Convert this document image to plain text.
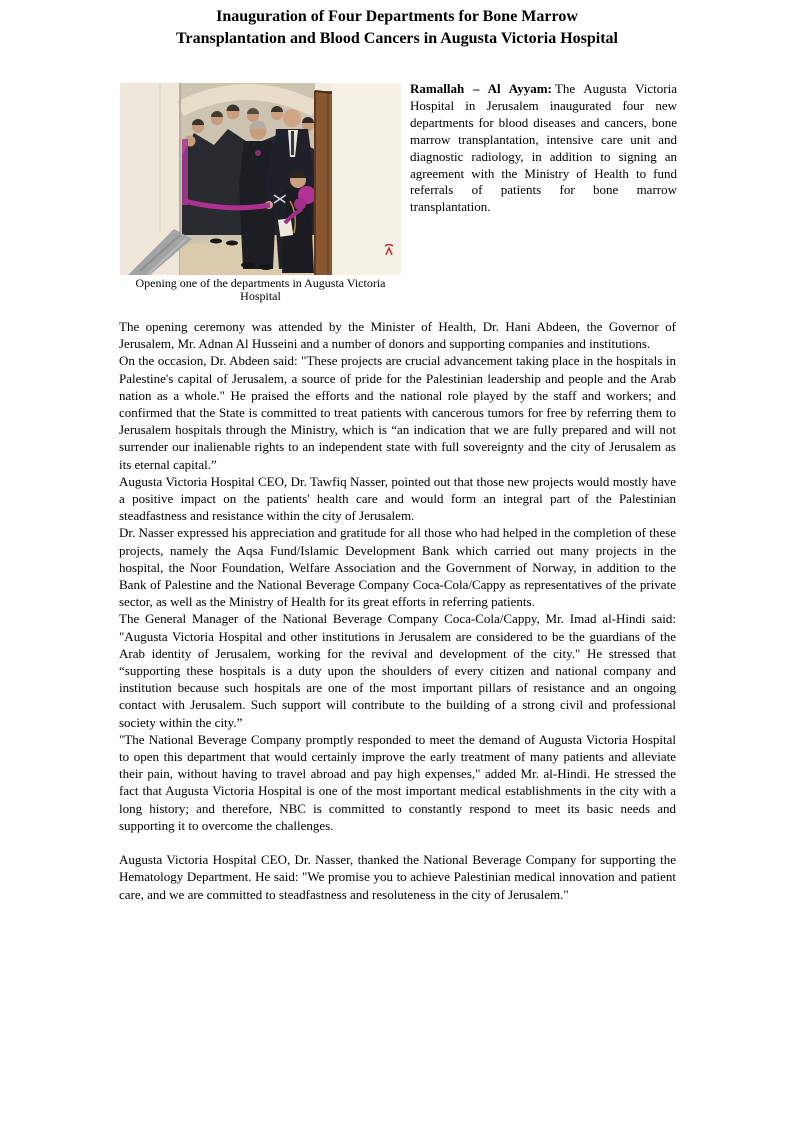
Inauguration of Four Departments for Bone Marrow
Transplantation and Blood Cancers in Augusta Victoria Hospital
Opening one of the departments in Augusta Victoria Hospital

Ramallah – Al Ayyam: The Augusta Victoria Hospital in Jerusalem inaugurated four new departments for blood diseases and cancers, bone marrow transplantation, intensive care unit and diagnostic radiology, in addition to signing an agreement with the Ministry of Health to fund referrals of patients for bone marrow transplantation.

The opening ceremony was attended by the Minister of Health, Dr. Hani Abdeen, the Governor of Jerusalem, Mr. Adnan Al Husseini and a number of donors and supporting companies and institutions.

On the occasion, Dr. Abdeen said: "These projects are crucial advancement taking place in the hospitals in Palestine's capital of Jerusalem, a source of pride for the Palestinian leadership and people and the Arab nation as a whole." He praised the efforts and the national role played by the staff and workers; and confirmed that the State is committed to treat patients with cancerous tumors for free by referring them to Jerusalem hospitals through the Ministry, which is “an indication that we are fully prepared and will not surrender our inalienable rights to an independent state with full sovereignty and the city of Jerusalem as its eternal capital.”

Augusta Victoria Hospital CEO, Dr. Tawfiq Nasser, pointed out that those new projects would mostly have a positive impact on the patients' health care and would form an integral part of the Palestinian steadfastness and resistance within the city of Jerusalem.

Dr. Nasser expressed his appreciation and gratitude for all those who had helped in the completion of these projects, namely the Aqsa Fund/Islamic Development Bank which carried out many projects in the hospital, the Noor Foundation, Welfare Association and the Government of Norway, in addition to the Bank of Palestine and the National Beverage Company Coca-Cola/Cappy as representatives of the private sector, as well as the Ministry of Health for its great efforts in referring patients.

The General Manager of the National Beverage Company Coca-Cola/Cappy, Mr. Imad al-Hindi said: "Augusta Victoria Hospital and other institutions in Jerusalem are considered to be the guardians of the Arab identity of Jerusalem, working for the revival and development of the city." He stressed that “supporting these hospitals is a duty upon the shoulders of every citizen and national company and institution because such hospitals are one of the most important pillars of resistance and an ongoing contact with Jerusalem. Such support will contribute to the building of a strong civil and professional society within the city.”

"The National Beverage Company promptly responded to meet the demand of Augusta Victoria Hospital to open this department that would certainly improve the early treatment of many patients and alleviate their pain, without having to travel abroad and pay high expenses," added Mr. al-Hindi. He stressed the fact that Augusta Victoria Hospital is one of the most important medical establishments in the city with a long history; and therefore, NBC is committed to constantly respond to meet its basic needs and supporting it to overcome the challenges.

Augusta Victoria Hospital CEO, Dr. Nasser, thanked the National Beverage Company for supporting the Hematology Department. He said: "We promise you to achieve Palestinian medical innovation and patient care, and we are committed to steadfastness and resoluteness in the city of Jerusalem."
